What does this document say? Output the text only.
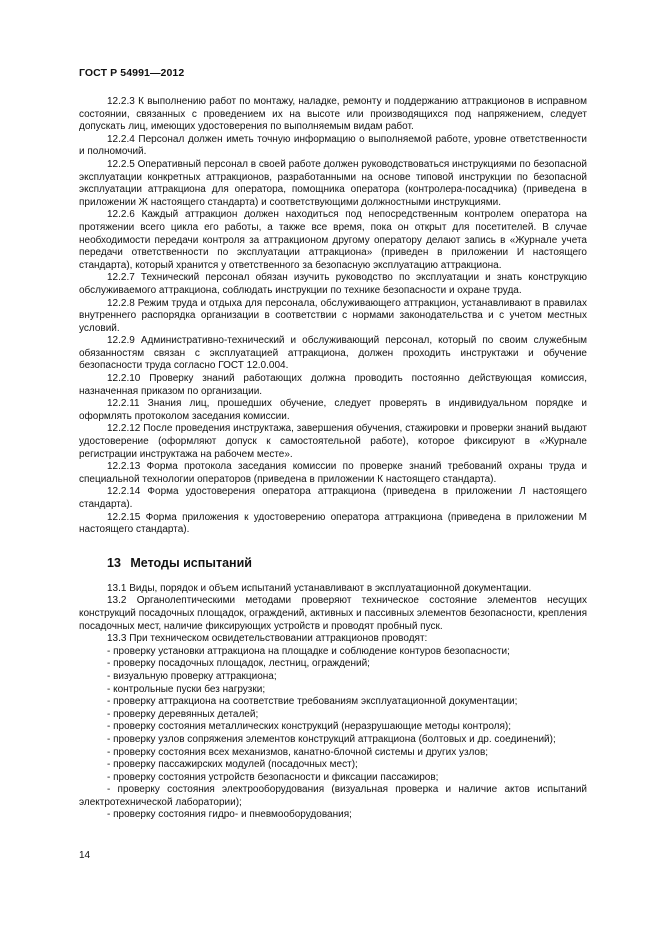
ГОСТ Р 54991—2012

12.2.3 К выполнению работ по монтажу, наладке, ремонту и поддержанию аттракционов в исправном состоянии, связанных с проведением их на высоте или производящихся под напряжением, следует допускать лиц, имеющих удостоверения по выполняемым видам работ.

12.2.4 Персонал должен иметь точную информацию о выполняемой работе, уровне ответственности и полномочий.

12.2.5 Оперативный персонал в своей работе должен руководствоваться инструкциями по безопасной эксплуатации конкретных аттракционов, разработанными на основе типовой инструкции по безопасной эксплуатации аттракциона для оператора, помощника оператора (контролера-посадчика) (приведена в приложении Ж настоящего стандарта) и соответствующими должностными инструкциями.

12.2.6 Каждый аттракцион должен находиться под непосредственным контролем оператора на протяжении всего цикла его работы, а также все время, пока он открыт для посетителей. В случае необходимости передачи контроля за аттракционом другому оператору делают запись в «Журнале учета передачи ответственности по эксплуатации аттракциона» (приведен в приложении И настоящего стандарта), который хранится у ответственного за безопасную эксплуатацию аттракциона.

12.2.7 Технический персонал обязан изучить руководство по эксплуатации и знать конструкцию обслуживаемого аттракциона, соблюдать инструкции по технике безопасности и охране труда.

12.2.8 Режим труда и отдыха для персонала, обслуживающего аттракцион, устанавливают в правилах внутреннего распорядка организации в соответствии с нормами законодательства и с учетом местных условий.

12.2.9 Административно-технический и обслуживающий персонал, который по своим служебным обязанностям связан с эксплуатацией аттракциона, должен проходить инструктажи и обучение безопасности труда согласно ГОСТ 12.0.004.

12.2.10 Проверку знаний работающих должна проводить постоянно действующая комиссия, назначенная приказом по организации.

12.2.11 Знания лиц, прошедших обучение, следует проверять в индивидуальном порядке и оформлять протоколом заседания комиссии.

12.2.12 После проведения инструктажа, завершения обучения, стажировки и проверки знаний выдают удостоверение (оформляют допуск к самостоятельной работе), которое фиксируют в «Журнале регистрации инструктажа на рабочем месте».

12.2.13 Форма протокола заседания комиссии по проверке знаний требований охраны труда и специальной технологии операторов (приведена в приложении К настоящего стандарта).

12.2.14 Форма удостоверения оператора аттракциона (приведена в приложении Л настоящего стандарта).

12.2.15 Форма приложения к удостоверению оператора аттракциона (приведена в приложении М настоящего стандарта).

13 Методы испытаний

13.1 Виды, порядок и объем испытаний устанавливают в эксплуатационной документации.

13.2 Органолептическими методами проверяют техническое состояние элементов несущих конструкций посадочных площадок, ограждений, активных и пассивных элементов безопасности, крепления посадочных мест, наличие фиксирующих устройств и проводят пробный пуск.

13.3 При техническом освидетельствовании аттракционов проводят:

- проверку установки аттракциона на площадке и соблюдение контуров безопасности;
- проверку посадочных площадок, лестниц, ограждений;
- визуальную проверку аттракциона;
- контрольные пуски без нагрузки;
- проверку аттракциона на соответствие требованиям эксплуатационной документации;
- проверку деревянных деталей;
- проверку состояния металлических конструкций (неразрушающие методы контроля);
- проверку узлов сопряжения элементов конструкций аттракциона (болтовых и др. соединений);
- проверку состояния всех механизмов, канатно-блочной системы и других узлов;
- проверку пассажирских модулей (посадочных мест);
- проверку состояния устройств безопасности и фиксации пассажиров;
- проверку состояния электрооборудования (визуальная проверка и наличие актов испытаний электротехнической лаборатории);
- проверку состояния гидро- и пневмооборудования;
14
